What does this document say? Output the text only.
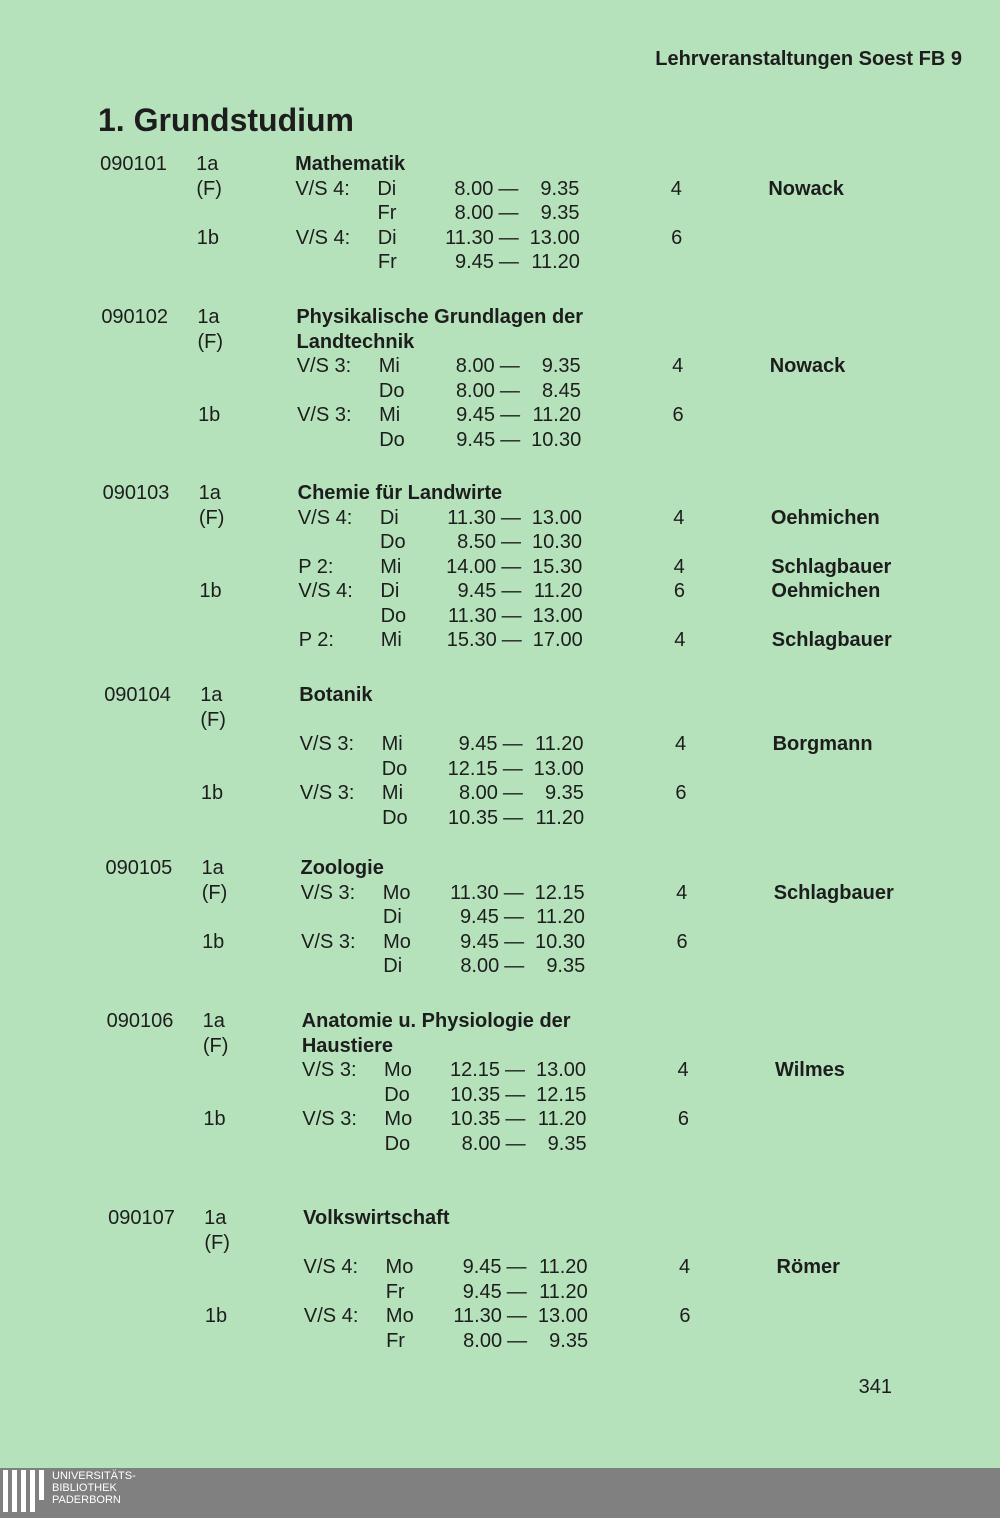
Lehrveranstaltungen Soest FB 9
1. Grundstudium
090101	Mathematik
1a
(F)	V/S 4: Di	8.00 —	9.35	4	Nowack
Fr	8.00 —	9.35
1b	V/S 4: Di	11.30 — 13.00	6
Fr	9.45 — 11.20
090102	Physikalische Grundlagen der
Landtechnik
1a
(F)
V/S 3: Mi	8.00 —	9.35	4	Nowack
Do	8.00 —	8.45
1b	V/S 3: Mi	9.45 — 11.20	6
Do	9.45 — 10.30
090103	Chemie für Landwirte
1a
(F)	V/S 4: Di	11.30 — 13.00	4	Oehmichen
Do	8.50 — 10.30
P 2: Mi	14.00 — 15.30	4	Schlagbauer
1b	V/S 4: Di	9.45 — 11.20	6	Oehmichen
Do	11.30 — 13.00
P 2: Mi	15.30 — 17.00	4	Schlagbauer
090104	Botanik
1a
(F)
V/S 3: Mi	9.45 — 11.20	4	Borgmann
Do	12.15 — 13.00
1b	V/S 3: Mi	8.00 —	9.35	6
Do	10.35 — 11.20
090105	Zoologie
1a
(F)	V/S 3: Mo	11.30 — 12.15	4	Schlagbauer
Di	9.45 — 11.20
1b	V/S 3: Mo	9.45 — 10.30	6
Di	8.00 —	9.35
090106	Anatomie u. Physiologie der
Haustiere
1a
(F)
V/S 3: Mo	12.15 — 13.00	4	Wilmes
Do	10.35 — 12.15
1b	V/S 3: Mo	10.35 — 11.20	6
Do	8.00 —	9.35
090107	Volkswirtschaft
1a
(F)
V/S 4: Mo	9.45 — 11.20	4	Römer
Fr	9.45 — 11.20
1b	V/S 4: Mo	11.30 — 13.00	6
Fr	8.00 —	9.35
341
UNIVERSITÄTS-
BIBLIOTHEK
PADERBORN
